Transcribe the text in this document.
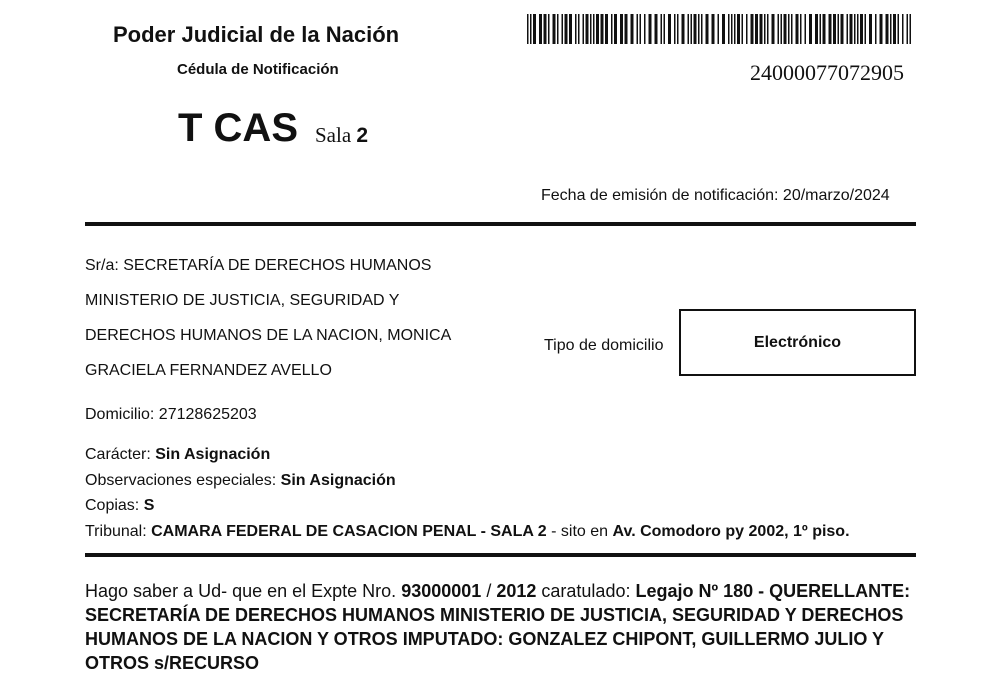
Poder Judicial de la Nación
Cédula de Notificación	24000077072905
T CAS Sala 2
Fecha de emisión de notificación: 20/marzo/2024
Sr/a: SECRETARÍA DE DERECHOS HUMANOS
MINISTERIO DE JUSTICIA, SEGURIDAD Y
DERECHOS HUMANOS DE LA NACION, MONICA
GRACIELA FERNANDEZ AVELLO
Tipo de domicilio	Electrónico
Domicilio: 27128625203
Carácter: Sin Asignación
Observaciones especiales: Sin Asignación
Copias: S
Tribunal: CAMARA FEDERAL DE CASACION PENAL - SALA 2 - sito en Av. Comodoro py 2002, 1º piso.
Hago saber a Ud- que en el Expte Nro. 93000001 / 2012 caratulado: Legajo Nº 180 - QUERELLANTE: SECRETARÍA DE DERECHOS HUMANOS MINISTERIO DE JUSTICIA, SEGURIDAD Y DERECHOS HUMANOS DE LA NACION Y OTROS IMPUTADO: GONZALEZ CHIPONT, GUILLERMO JULIO Y OTROS s/RECURSO
